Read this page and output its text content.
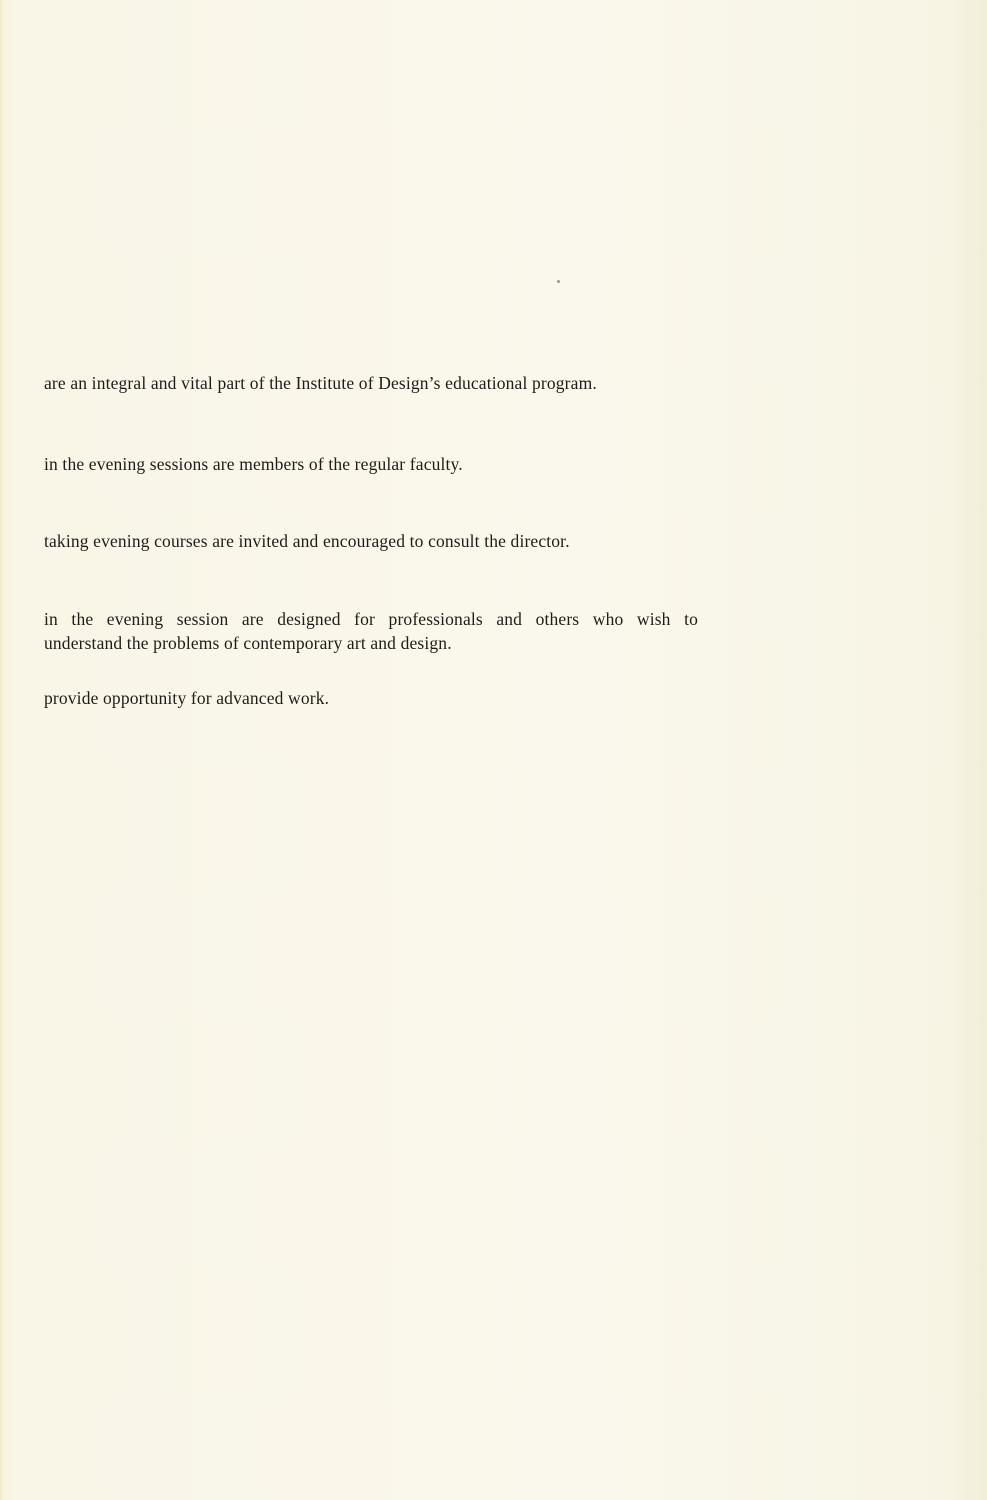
are an integral and vital part of the Institute of Design’s educational program.

in the evening sessions are members of the regular faculty.

taking evening courses are invited and encouraged to consult the director.

in the evening session are designed for professionals and others who wish to
understand the problems of contemporary art and design.

provide opportunity for advanced work.
